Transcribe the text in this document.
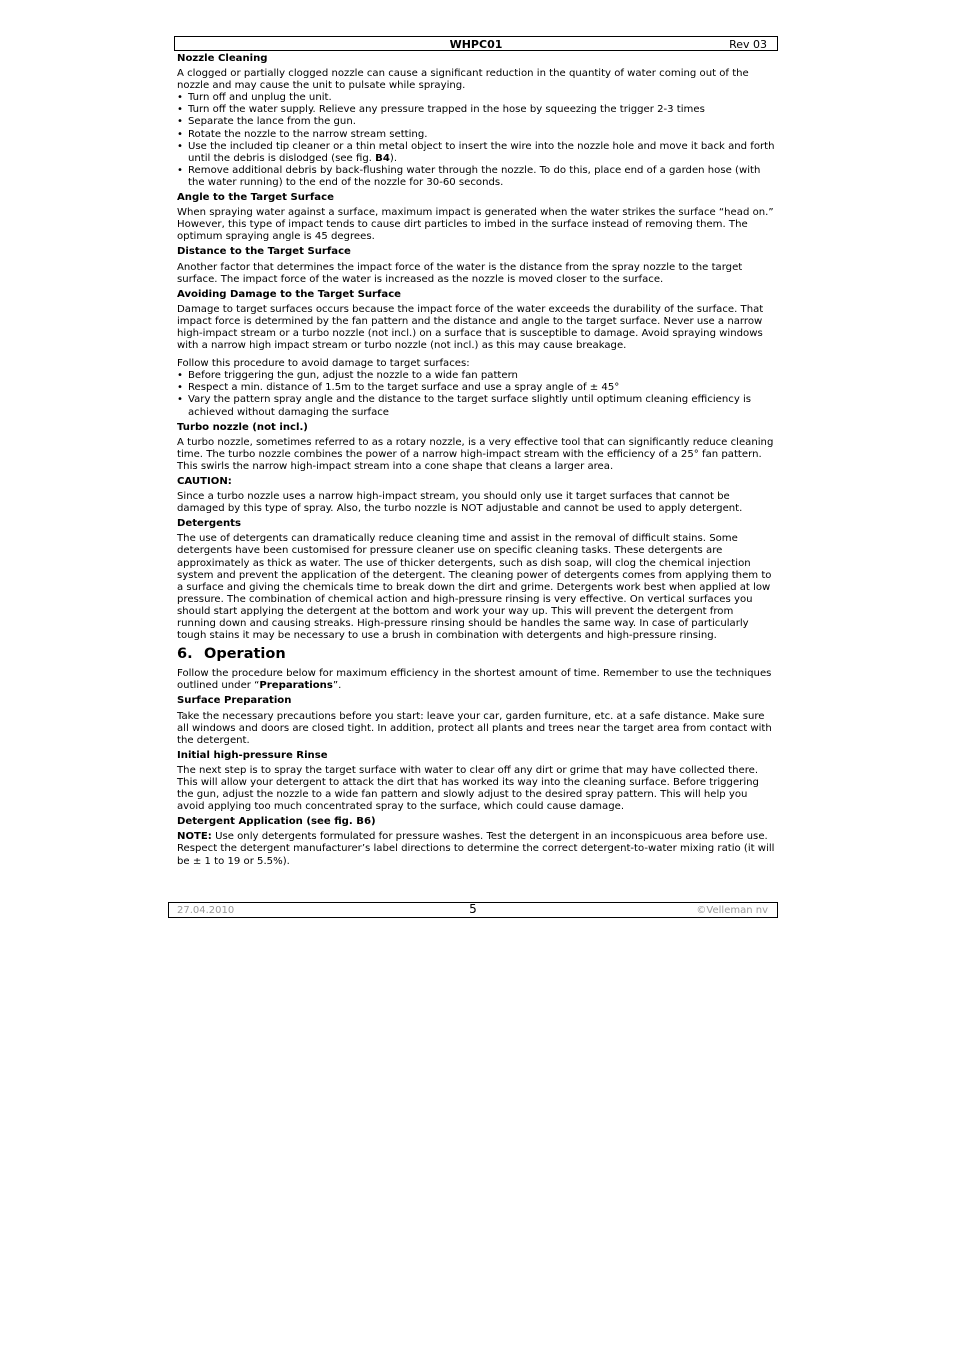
WHPC01	Rev 03
Nozzle Cleaning

A clogged or partially clogged nozzle can cause a significant reduction in the quantity of water coming out of the nozzle and may cause the unit to pulsate while spraying.

• Turn off and unplug the unit.
• Turn off the water supply. Relieve any pressure trapped in the hose by squeezing the trigger 2-3 times
• Separate the lance from the gun.
• Rotate the nozzle to the narrow stream setting.
• Use the included tip cleaner or a thin metal object to insert the wire into the nozzle hole and move it back and forth until the debris is dislodged (see fig. B4).
• Remove additional debris by back-flushing water through the nozzle. To do this, place end of a garden hose (with the water running) to the end of the nozzle for 30-60 seconds.
Angle to the Target Surface

When spraying water against a surface, maximum impact is generated when the water strikes the surface “head on.” However, this type of impact tends to cause dirt particles to imbed in the surface instead of removing them. The optimum spraying angle is 45 degrees.

Distance to the Target Surface

Another factor that determines the impact force of the water is the distance from the spray nozzle to the target surface. The impact force of the water is increased as the nozzle is moved closer to the surface.

Avoiding Damage to the Target Surface

Damage to target surfaces occurs because the impact force of the water exceeds the durability of the surface. That impact force is determined by the fan pattern and the distance and angle to the target surface. Never use a narrow high-impact stream or a turbo nozzle (not incl.) on a surface that is susceptible to damage. Avoid spraying windows with a narrow high impact stream or turbo nozzle (not incl.) as this may cause breakage.

Follow this procedure to avoid damage to target surfaces:

• Before triggering the gun, adjust the nozzle to a wide fan pattern
• Respect a min. distance of 1.5m to the target surface and use a spray angle of ± 45°
• Vary the pattern spray angle and the distance to the target surface slightly until optimum cleaning efficiency is achieved without damaging the surface
Turbo nozzle (not incl.)

A turbo nozzle, sometimes referred to as a rotary nozzle, is a very effective tool that can significantly reduce cleaning time. The turbo nozzle combines the power of a narrow high-impact stream with the efficiency of a 25° fan pattern. This swirls the narrow high-impact stream into a cone shape that cleans a larger area.

CAUTION:

Since a turbo nozzle uses a narrow high-impact stream, you should only use it target surfaces that cannot be damaged by this type of spray. Also, the turbo nozzle is NOT adjustable and cannot be used to apply detergent.

Detergents

The use of detergents can dramatically reduce cleaning time and assist in the removal of difficult stains. Some detergents have been customised for pressure cleaner use on specific cleaning tasks. These detergents are approximately as thick as water. The use of thicker detergents, such as dish soap, will clog the chemical injection system and prevent the application of the detergent. The cleaning power of detergents comes from applying them to a surface and giving the chemicals time to break down the dirt and grime. Detergents work best when applied at low pressure. The combination of chemical action and high-pressure rinsing is very effective. On vertical surfaces you should start applying the detergent at the bottom and work your way up. This will prevent the detergent from running down and causing streaks. High-pressure rinsing should be handles the same way. In case of particularly tough stains it may be necessary to use a brush in combination with detergents and high-pressure rinsing.

6. Operation

Follow the procedure below for maximum efficiency in the shortest amount of time. Remember to use the techniques outlined under “Preparations”.

Surface Preparation

Take the necessary precautions before you start: leave your car, garden furniture, etc. at a safe distance. Make sure all windows and doors are closed tight. In addition, protect all plants and trees near the target area from contact with the detergent.

Initial high-pressure Rinse

The next step is to spray the target surface with water to clear off any dirt or grime that may have collected there. This will allow your detergent to attack the dirt that has worked its way into the cleaning surface. Before triggering the gun, adjust the nozzle to a wide fan pattern and slowly adjust to the desired spray pattern. This will help you avoid applying too much concentrated spray to the surface, which could cause damage.

Detergent Application (see fig. B6)

NOTE: Use only detergents formulated for pressure washes. Test the detergent in an inconspicuous area before use.

Respect the detergent manufacturer’s label directions to determine the correct detergent-to-water mixing ratio (it will be ± 1 to 19 or 5.5%).

27.04.2010	5	©Velleman nv
